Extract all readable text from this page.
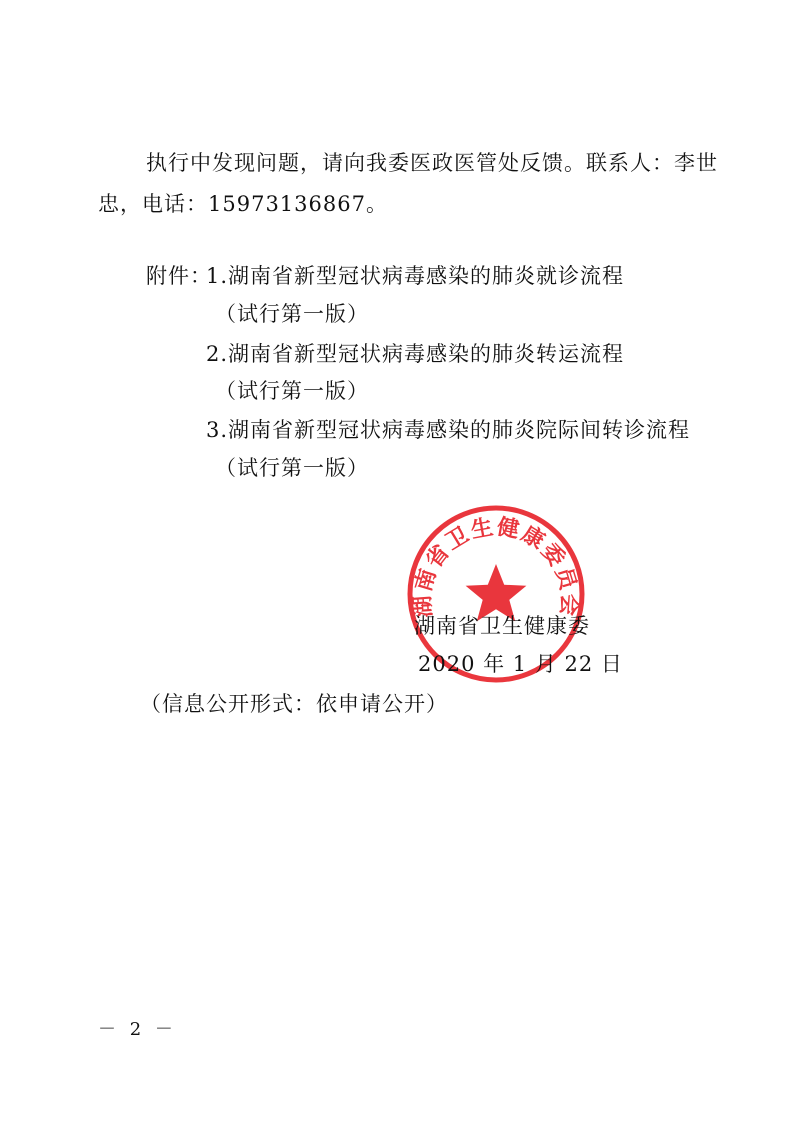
执行中发现问题，请向我委医政医管处反馈。联系人：李世
忠，电话：15973136867。
附件：
1.湖南省新型冠状病毒感染的肺炎就诊流程
（试行第一版）
2.湖南省新型冠状病毒感染的肺炎转运流程
（试行第一版）
3.湖南省新型冠状病毒感染的肺炎院际间转诊流程
（试行第一版）
湖南省卫生健康委员会
湖南省卫生健康委
2020 年 1 月 22 日
（信息公开形式：依申请公开）
－ 2 －
